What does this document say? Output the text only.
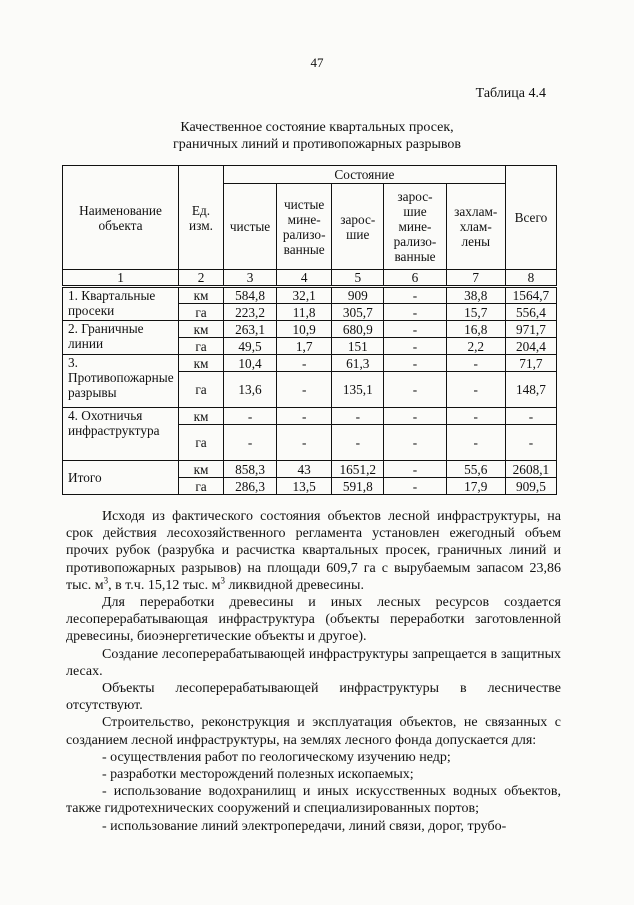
47
Таблица 4.4
Качественное состояние квартальных просек,
граничных линий и противопожарных разрывов
Наименование объекта	Ед. изм.	Состояние					Всего
		чистые	чистые мине- рализо- ванные	зарос- шие	зарос- шие мине- рализо- ванные	захлам- хлам- лены	
1	2	3	4	5	6	7	8
1. Квартальные просеки	км	584,8	32,1	909	-	38,8	1564,7
	га	223,2	11,8	305,7	-	15,7	556,4
2. Граничные линии	км	263,1	10,9	680,9	-	16,8	971,7
	га	49,5	1,7	151	-	2,2	204,4
3. Противопожарные разрывы	км	10,4	-	61,3	-	-	71,7
	га	13,6	-	135,1	-	-	148,7
4. Охотничья инфраструктура	км	-	-	-	-	-	-
	га	-	-	-	-	-	-
Итого	км	858,3	43	1651,2	-	55,6	2608,1
	га	286,3	13,5	591,8	-	17,9	909,5

Исходя из фактического состояния объектов лесной инфраструктуры, на срок действия лесохозяйственного регламента установлен ежегодный объем прочих рубок (разрубка и расчистка квартальных просек, граничных линий и противопожарных разрывов) на площади 609,7 га с вырубаемым запасом 23,86 тыс. $м^3$, в т.ч. 15,12 тыс. $м^3$ ликвидной древесины.

Для переработки древесины и иных лесных ресурсов создается лесоперерабатывающая инфраструктура (объекты переработки заготовленной древесины, биоэнергетические объекты и другое).

Создание лесоперерабатывающей инфраструктуры запрещается в защитных лесах.

Объекты лесоперерабатывающей инфраструктуры в лесничестве отсутствуют.

Строительство, реконструкция и эксплуатация объектов, не связанных с созданием лесной инфраструктуры, на землях лесного фонда допускается для:

- осуществления работ по геологическому изучению недр;

- разработки месторождений полезных ископаемых;

- использование водохранилищ и иных искусственных водных объектов, также гидротехнических сооружений и специализированных портов;

- использование линий электропередачи, линий связи, дорог, трубо-
